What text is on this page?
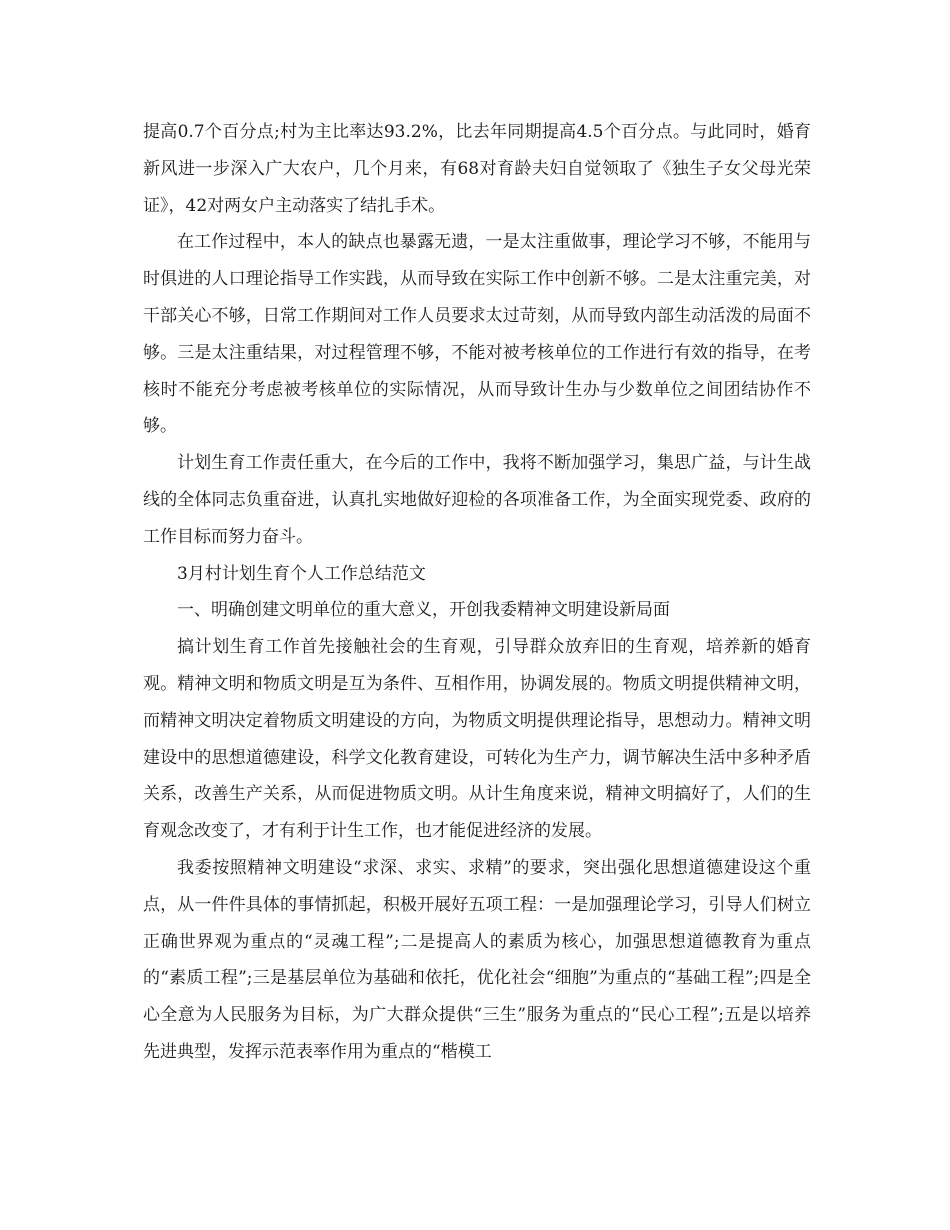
提高0.7个百分点;村为主比率达93.2%，比去年同期提高4.5个百分点。与此同时，婚育新风进一步深入广大农户，几个月来，有68对育龄夫妇自觉领取了《独生子女父母光荣证》，42对两女户主动落实了结扎手术。

在工作过程中，本人的缺点也暴露无遗，一是太注重做事，理论学习不够，不能用与时俱进的人口理论指导工作实践，从而导致在实际工作中创新不够。二是太注重完美，对干部关心不够，日常工作期间对工作人员要求太过苛刻，从而导致内部生动活泼的局面不够。三是太注重结果，对过程管理不够，不能对被考核单位的工作进行有效的指导，在考核时不能充分考虑被考核单位的实际情况，从而导致计生办与少数单位之间团结协作不够。

计划生育工作责任重大，在今后的工作中，我将不断加强学习，集思广益，与计生战线的全体同志负重奋进，认真扎实地做好迎检的各项准备工作，为全面实现党委、政府的工作目标而努力奋斗。

3月村计划生育个人工作总结范文

一、明确创建文明单位的重大意义，开创我委精神文明建设新局面

搞计划生育工作首先接触社会的生育观，引导群众放弃旧的生育观，培养新的婚育观。精神文明和物质文明是互为条件、互相作用，协调发展的。物质文明提供精神文明，而精神文明决定着物质文明建设的方向，为物质文明提供理论指导，思想动力。精神文明建设中的思想道德建设，科学文化教育建设，可转化为生产力，调节解决生活中多种矛盾关系，改善生产关系，从而促进物质文明。从计生角度来说，精神文明搞好了，人们的生育观念改变了，才有利于计生工作，也才能促进经济的发展。

我委按照精神文明建设“求深、求实、求精”的要求，突出强化思想道德建设这个重点，从一件件具体的事情抓起，积极开展好五项工程：一是加强理论学习，引导人们树立正确世界观为重点的“灵魂工程”;二是提高人的素质为核心，加强思想道德教育为重点的“素质工程”;三是基层单位为基础和依托，优化社会“细胞”为重点的“基础工程”;四是全心全意为人民服务为目标，为广大群众提供“三生”服务为重点的“民心工程”;五是以培养先进典型，发挥示范表率作用为重点的“楷模工
